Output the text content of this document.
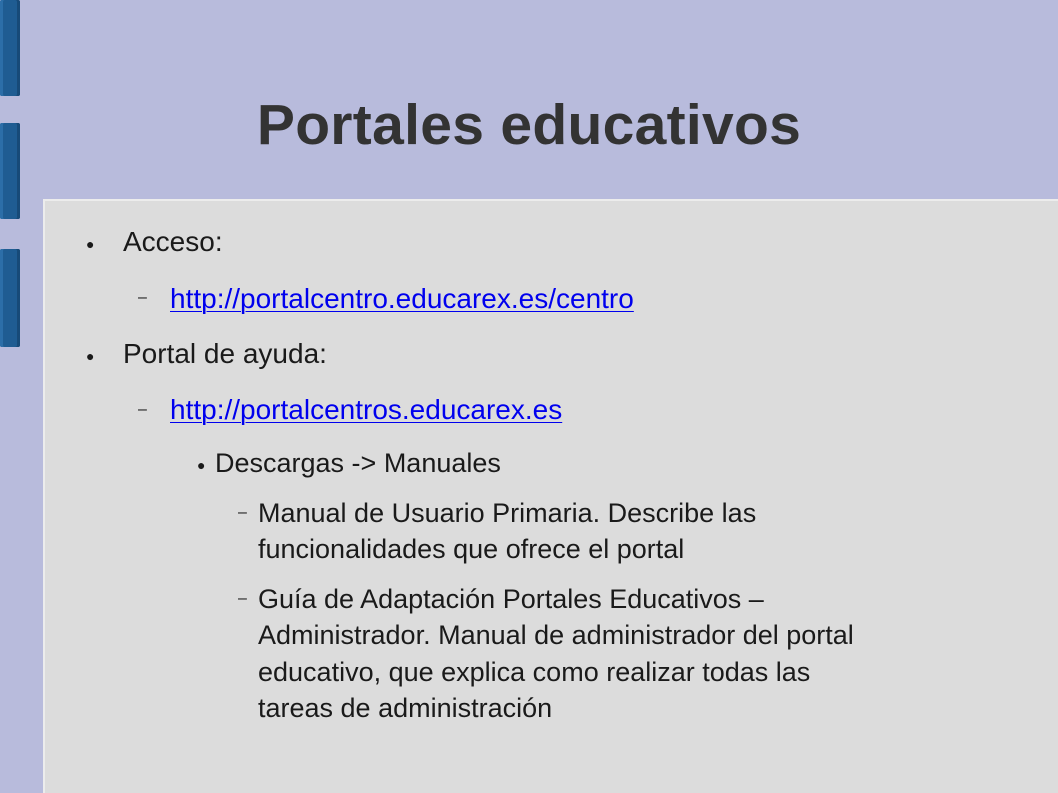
Portales educativos
● Acceso:
– http://portalcentro.educarex.es/centro
● Portal de ayuda:
– http://portalcentros.educarex.es
● Descargas -> Manuales
– Manual de Usuario Primaria. Describe las
funcionalidades que ofrece el portal
– Guía de Adaptación Portales Educativos –
Administrador. Manual de administrador del portal
educativo, que explica como realizar todas las
tareas de administración
